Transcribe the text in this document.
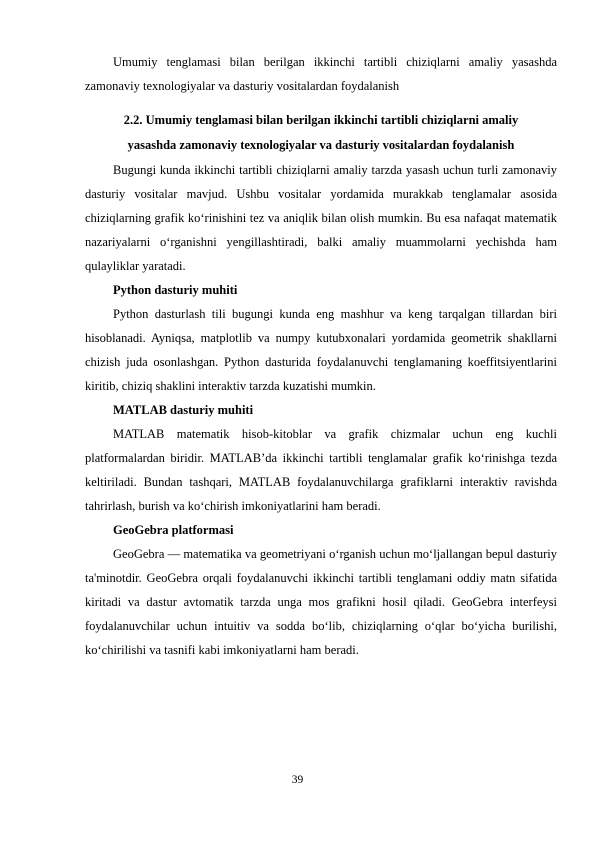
Umumiy tenglamasi bilan berilgan ikkinchi tartibli chiziqlarni amaliy yasashda zamonaviy texnologiyalar va dasturiy vositalardan foydalanish

2.2. Umumiy tenglamasi bilan berilgan ikkinchi tartibli chiziqlarni amaliy
yasashda zamonaviy texnologiyalar va dasturiy vositalardan foydalanish

Bugungi kunda ikkinchi tartibli chiziqlarni amaliy tarzda yasash uchun turli zamonaviy dasturiy vositalar mavjud. Ushbu vositalar yordamida murakkab tenglamalar asosida chiziqlarning grafik ko‘rinishini tez va aniqlik bilan olish mumkin. Bu esa nafaqat matematik nazariyalarni o‘rganishni yengillashtiradi, balki amaliy muammolarni yechishda ham qulayliklar yaratadi.

Python dasturiy muhiti

Python dasturlash tili bugungi kunda eng mashhur va keng tarqalgan tillardan biri hisoblanadi. Ayniqsa, matplotlib va numpy kutubxonalari yordamida geometrik shakllarni chizish juda osonlashgan. Python dasturida foydalanuvchi tenglamaning koeffitsiyentlarini kiritib, chiziq shaklini interaktiv tarzda kuzatishi mumkin.

MATLAB dasturiy muhiti

MATLAB matematik hisob-kitoblar va grafik chizmalar uchun eng kuchli platformalardan biridir. MATLAB’da ikkinchi tartibli tenglamalar grafik ko‘rinishga tezda keltiriladi. Bundan tashqari, MATLAB foydalanuvchilarga grafiklarni interaktiv ravishda tahrirlash, burish va ko‘chirish imkoniyatlarini ham beradi.

GeoGebra platformasi

GeoGebra — matematika va geometriyani o‘rganish uchun mo‘ljallangan bepul dasturiy ta'minotdir. GeoGebra orqali foydalanuvchi ikkinchi tartibli tenglamani oddiy matn sifatida kiritadi va dastur avtomatik tarzda unga mos grafikni hosil qiladi. GeoGebra interfeysi foydalanuvchilar uchun intuitiv va sodda bo‘lib, chiziqlarning o‘qlar bo‘yicha burilishi, ko‘chirilishi va tasnifi kabi imkoniyatlarni ham beradi.

39
